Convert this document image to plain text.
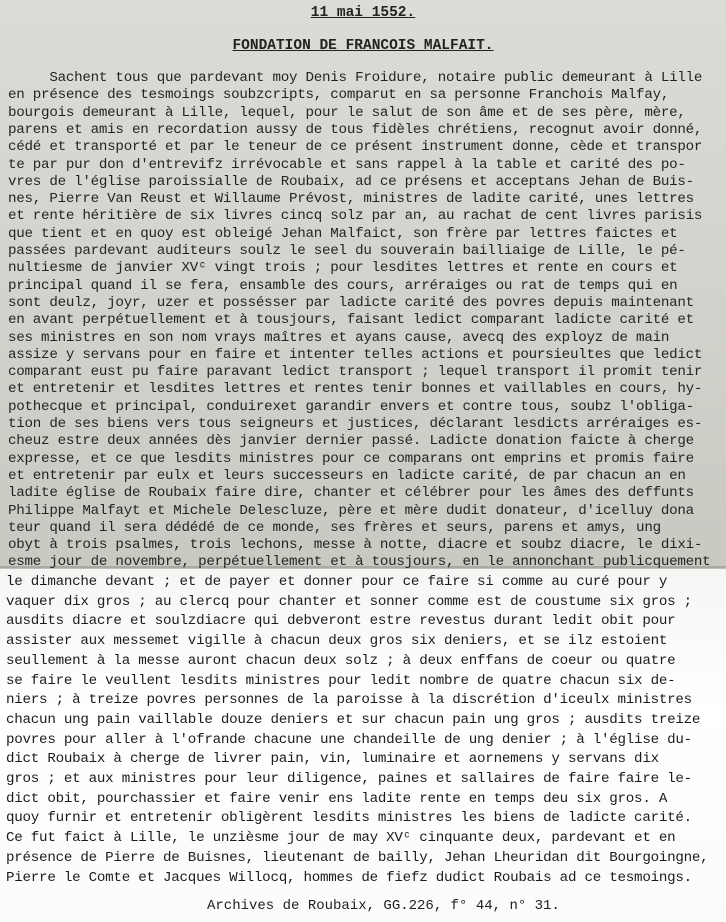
11 mai 1552.
FONDATION DE FRANCOIS MALFAIT.
Sachent tous que pardevant moy Denis Froidure, notaire public demeurant à Lille
en présence des tesmoings soubzcripts, comparut en sa personne Franchois Malfay,
bourgois demeurant à Lille, lequel, pour le salut de son âme et de ses père, mère,
parens et amis en recordation aussy de tous fidèles chrétiens, recognut avoir donné,
cédé et transporté et par le teneur de ce présent instrument donne, cède et transpor
te par pur don d'entrevifz irrévocable et sans rappel à la table et carité des po-
vres de l'église paroissialle de Roubaix, ad ce présens et acceptans Jehan de Buis-
nes, Pierre Van Reust et Willaume Prévost, ministres de ladite carité, unes lettres
et rente héritière de six livres cincq solz par an, au rachat de cent livres parisis
que tient et en quoy est obleigé Jehan Malfaict, son frère par lettres faictes et
passées pardevant auditeurs soulz le seel du souverain bailliaige de Lille, le pé-
nultiesme de janvier XVᶜ vingt trois ; pour lesdites lettres et rente en cours et
principal quand il se fera, ensamble des cours, arréraiges ou rat de temps qui en
sont deulz, joyr, uzer et possésser par ladicte carité des povres depuis maintenant
en avant perpétuellement et à tousjours, faisant ledict comparant ladicte carité et
ses ministres en son nom vrays maîtres et ayans cause, avecq des exployz de main
assize y servans pour en faire et intenter telles actions et poursieultes que ledict
comparant eust pu faire paravant ledict transport ; lequel transport il promit tenir
et entretenir et lesdites lettres et rentes tenir bonnes et vaillables en cours, hy-
pothecque et principal, conduirexet garandir envers et contre tous, soubz l'obliga-
tion de ses biens vers tous seigneurs et justices, déclarant lesdicts arréraiges es-
cheuz estre deux années dès janvier dernier passé. Ladicte donation faicte à cherge
expresse, et ce que lesdits ministres pour ce comparans ont emprins et promis faire
et entretenir par eulx et leurs successeurs en ladicte carité, de par chacun an en
ladite église de Roubaix faire dire, chanter et célébrer pour les âmes des deffunts
Philippe Malfayt et Michele Delescluze, père et mère dudit donateur, d'icelluy dona
teur quand il sera dédédé de ce monde, ses frères et seurs, parens et amys, ung
obyt à trois psalmes, trois lechons, messe à notte, diacre et soubz diacre, le dixi-
esme jour de novembre, perpétuellement et à tousjours, en le annonchant publicquement
le dimanche devant ; et de payer et donner pour ce faire si comme au curé pour y
vaquer dix gros ; au clercq pour chanter et sonner comme est de coustume six gros ;
ausdits diacre et soulzdiacre qui debveront estre revestus durant ledit obit pour
assister aux messemet vigille à chacun deux gros six deniers, et se ilz estoient
seullement à la messe auront chacun deux solz ; à deux enffans de coeur ou quatre
se faire le veullent lesdits ministres pour ledit nombre de quatre chacun six de-
niers ; à treize povres personnes de la paroisse à la discrétion d'iceulx ministres
chacun ung pain vaillable douze deniers et sur chacun pain ung gros ; ausdits treize
povres pour aller à l'ofrande chacune une chandeille de ung denier ; à l'église du-
dict Roubaix à cherge de livrer pain, vin, luminaire et aornemens y servans dix
gros ; et aux ministres pour leur diligence, paines et sallaires de faire faire le-
dict obit, pourchassier et faire venir ens ladite rente en temps deu six gros. A
quoy furnir et entretenir obligèrent lesdits ministres les biens de ladicte carité.
Ce fut faict à Lille, le unzièsme jour de may XVᶜ cinquante deux, pardevant et en
présence de Pierre de Buisnes, lieutenant de bailly, Jehan Lheuridan dit Bourgoingne,
Pierre le Comte et Jacques Willocq, hommes de fiefz dudict Roubais ad ce tesmoings.
Archives de Roubaix, GG.226, f° 44, n° 31.
